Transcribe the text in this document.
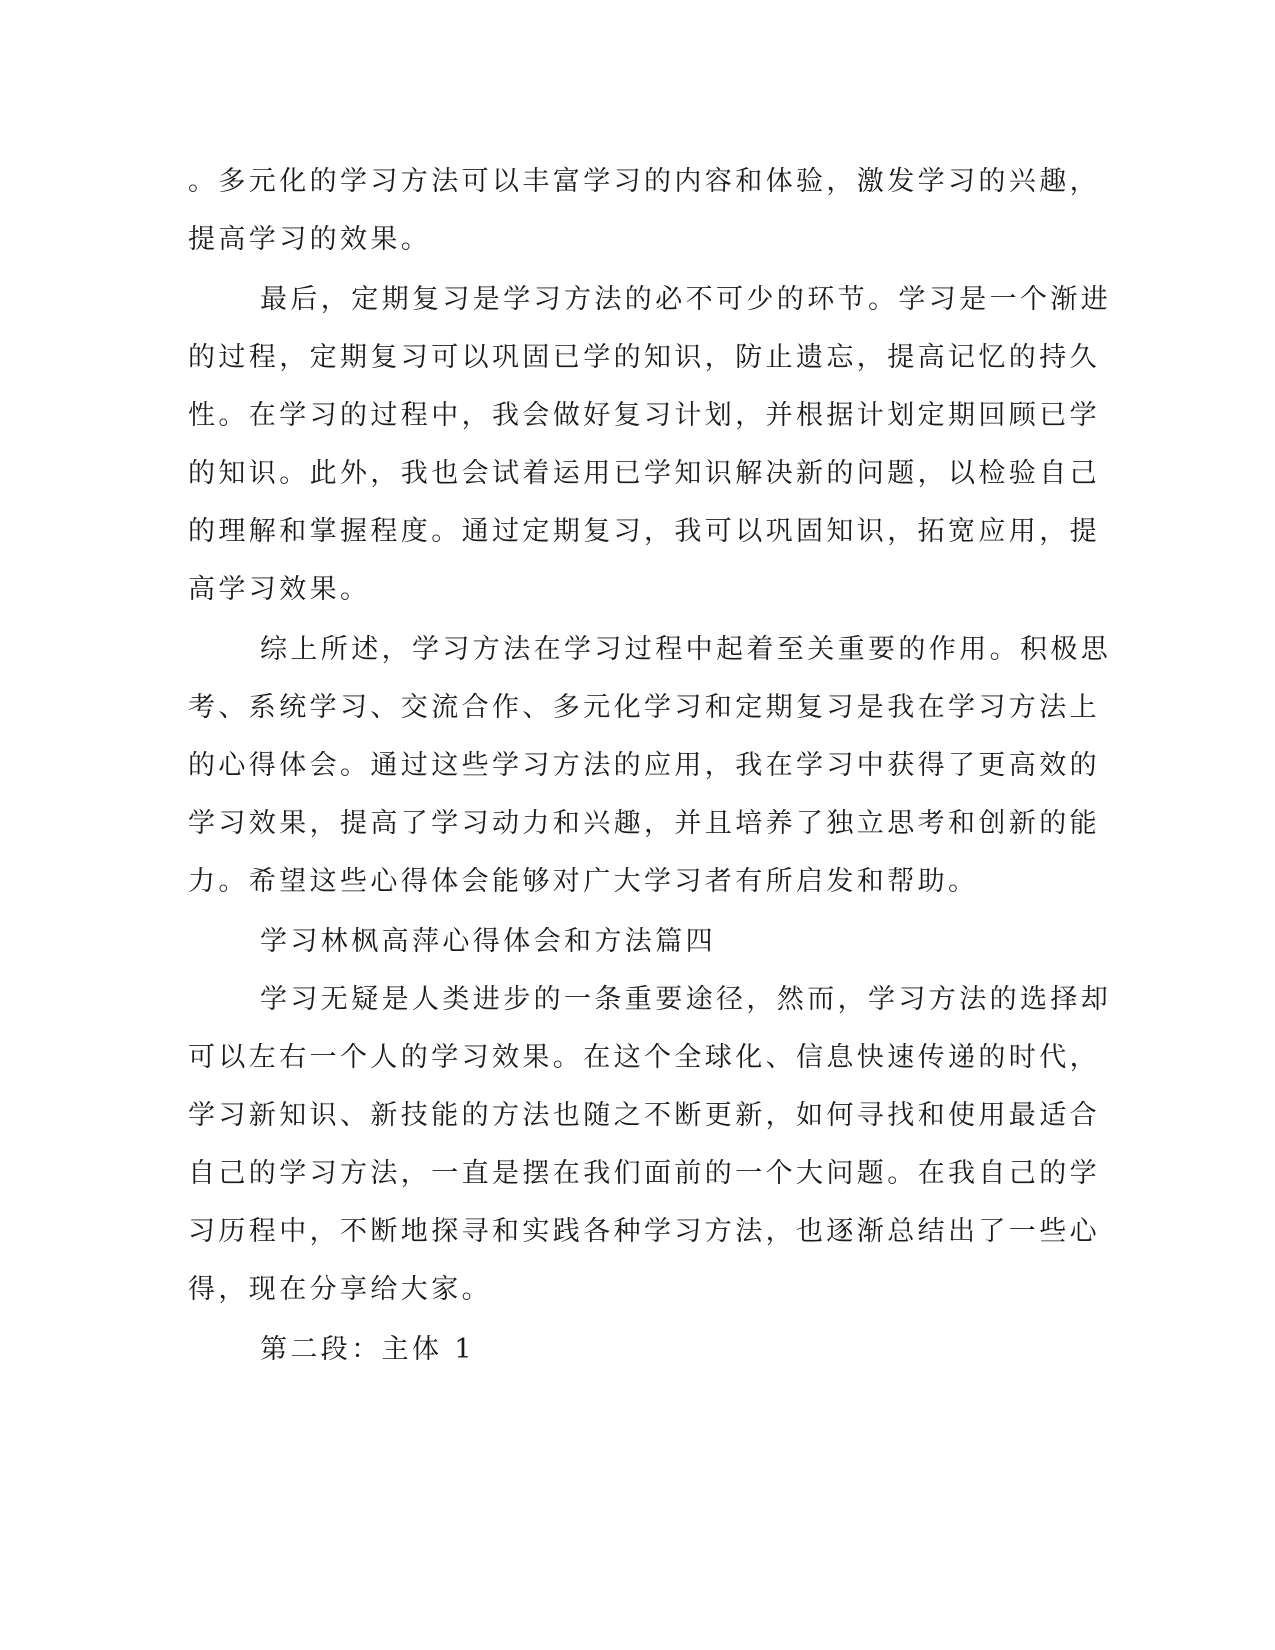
。多元化的学习方法可以丰富学习的内容和体验，激发学习的兴趣，
提高学习的效果。
最后，定期复习是学习方法的必不可少的环节。学习是一个渐进
的过程，定期复习可以巩固已学的知识，防止遗忘，提高记忆的持久
性。在学习的过程中，我会做好复习计划，并根据计划定期回顾已学
的知识。此外，我也会试着运用已学知识解决新的问题，以检验自己
的理解和掌握程度。通过定期复习，我可以巩固知识，拓宽应用，提
高学习效果。
综上所述，学习方法在学习过程中起着至关重要的作用。积极思
考、系统学习、交流合作、多元化学习和定期复习是我在学习方法上
的心得体会。通过这些学习方法的应用，我在学习中获得了更高效的
学习效果，提高了学习动力和兴趣，并且培养了独立思考和创新的能
力。希望这些心得体会能够对广大学习者有所启发和帮助。
学习林枫高萍心得体会和方法篇四
学习无疑是人类进步的一条重要途径，然而，学习方法的选择却
可以左右一个人的学习效果。在这个全球化、信息快速传递的时代，
学习新知识、新技能的方法也随之不断更新，如何寻找和使用最适合
自己的学习方法，一直是摆在我们面前的一个大问题。在我自己的学
习历程中，不断地探寻和实践各种学习方法，也逐渐总结出了一些心
得，现在分享给大家。
第二段：主体 1
